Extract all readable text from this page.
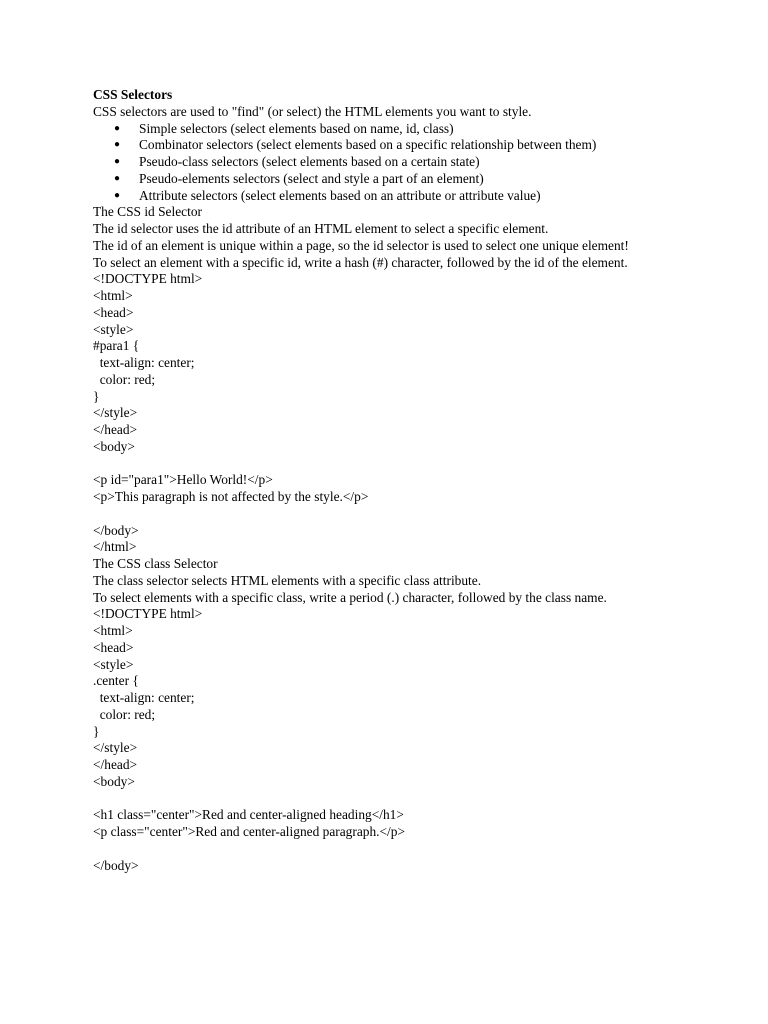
CSS Selectors
CSS selectors are used to "find" (or select) the HTML elements you want to style.
● Simple selectors (select elements based on name, id, class)
● Combinator selectors (select elements based on a specific relationship between them)
● Pseudo-class selectors (select elements based on a certain state)
● Pseudo-elements selectors (select and style a part of an element)
● Attribute selectors (select elements based on an attribute or attribute value)
The CSS id Selector
The id selector uses the id attribute of an HTML element to select a specific element.
The id of an element is unique within a page, so the id selector is used to select one unique element!
To select an element with a specific id, write a hash (#) character, followed by the id of the element.
<!DOCTYPE html>
<html>
<head>
<style>
#para1 {
text-align: center;
color: red;
}
</style>
</head>
<body>
<p id="para1">Hello World!</p>
<p>This paragraph is not affected by the style.</p>
</body>
</html>
The CSS class Selector
The class selector selects HTML elements with a specific class attribute.
To select elements with a specific class, write a period (.) character, followed by the class name.
<!DOCTYPE html>
<html>
<head>
<style>
.center {
text-align: center;
color: red;
}
</style>
</head>
<body>
<h1 class="center">Red and center-aligned heading</h1>
<p class="center">Red and center-aligned paragraph.</p>
</body>
